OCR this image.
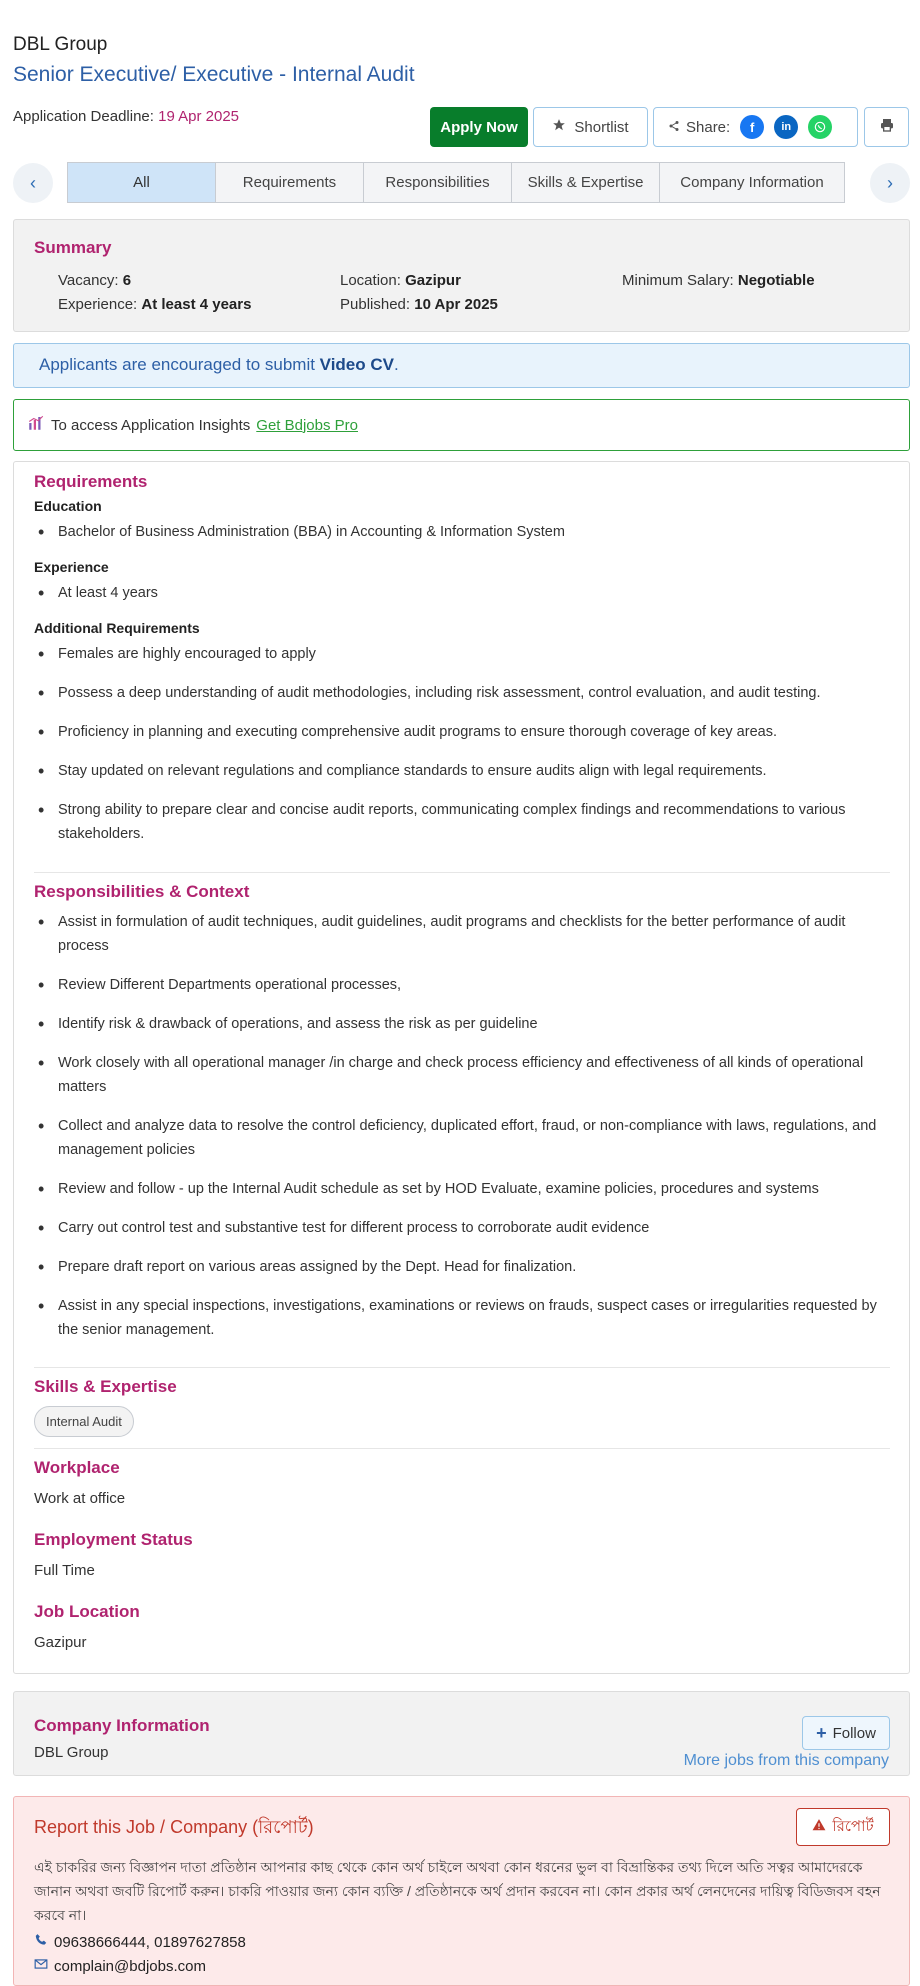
DBL Group
Senior Executive/ Executive - Internal Audit
Application Deadline: 19 Apr 2025
Apply Now	Shortlist	Share:	f	in
‹	All	Requirements	Responsibilities	Skills & Expertise	Company Information	›
Summary
Vacancy: 6	Location: Gazipur	Minimum Salary: Negotiable
Experience: At least 4 years	Published: 10 Apr 2025
Applicants are encouraged to submit Video CV.
To access Application Insights Get Bdjobs Pro
Requirements
Education
• Bachelor of Business Administration (BBA) in Accounting & Information System
Experience
• At least 4 years
Additional Requirements
• Females are highly encouraged to apply
• Possess a deep understanding of audit methodologies, including risk assessment, control evaluation, and audit testing.
• Proficiency in planning and executing comprehensive audit programs to ensure thorough coverage of key areas.
• Stay updated on relevant regulations and compliance standards to ensure audits align with legal requirements.
• Strong ability to prepare clear and concise audit reports, communicating complex findings and recommendations to various stakeholders.
Responsibilities & Context
• Assist in formulation of audit techniques, audit guidelines, audit programs and checklists for the better performance of audit process
• Review Different Departments operational processes,
• Identify risk & drawback of operations, and assess the risk as per guideline
• Work closely with all operational manager /in charge and check process efficiency and effectiveness of all kinds of operational matters
• Collect and analyze data to resolve the control deficiency, duplicated effort, fraud, or non-compliance with laws, regulations, and management policies
• Review and follow - up the Internal Audit schedule as set by HOD Evaluate, examine policies, procedures and systems
• Carry out control test and substantive test for different process to corroborate audit evidence
• Prepare draft report on various areas assigned by the Dept. Head for finalization.
• Assist in any special inspections, investigations, examinations or reviews on frauds, suspect cases or irregularities requested by the senior management.
Skills & Expertise
Internal Audit
Workplace
Work at office
Employment Status
Full Time
Job Location
Gazipur
Company Information
DBL Group
+ Follow
More jobs from this company
Report this Job / Company (রিপোর্ট)	রিপোর্ট
এই চাকরির জন্য বিজ্ঞাপন দাতা প্রতিষ্ঠান আপনার কাছ থেকে কোন অর্থ চাইলে অথবা কোন ধরনের ভুল বা বিভ্রান্তিকর তথ্য দিলে অতি সত্বর আমাদেরকে জানান অথবা জবটি রিপোর্ট করুন। চাকরি পাওয়ার জন্য কোন ব্যক্তি / প্রতিষ্ঠানকে অর্থ প্রদান করবেন না। কোন প্রকার অর্থ লেনদেনের দায়িত্ব বিডিজবস বহন করবে না।
09638666444, 01897627858
complain@bdjobs.com
